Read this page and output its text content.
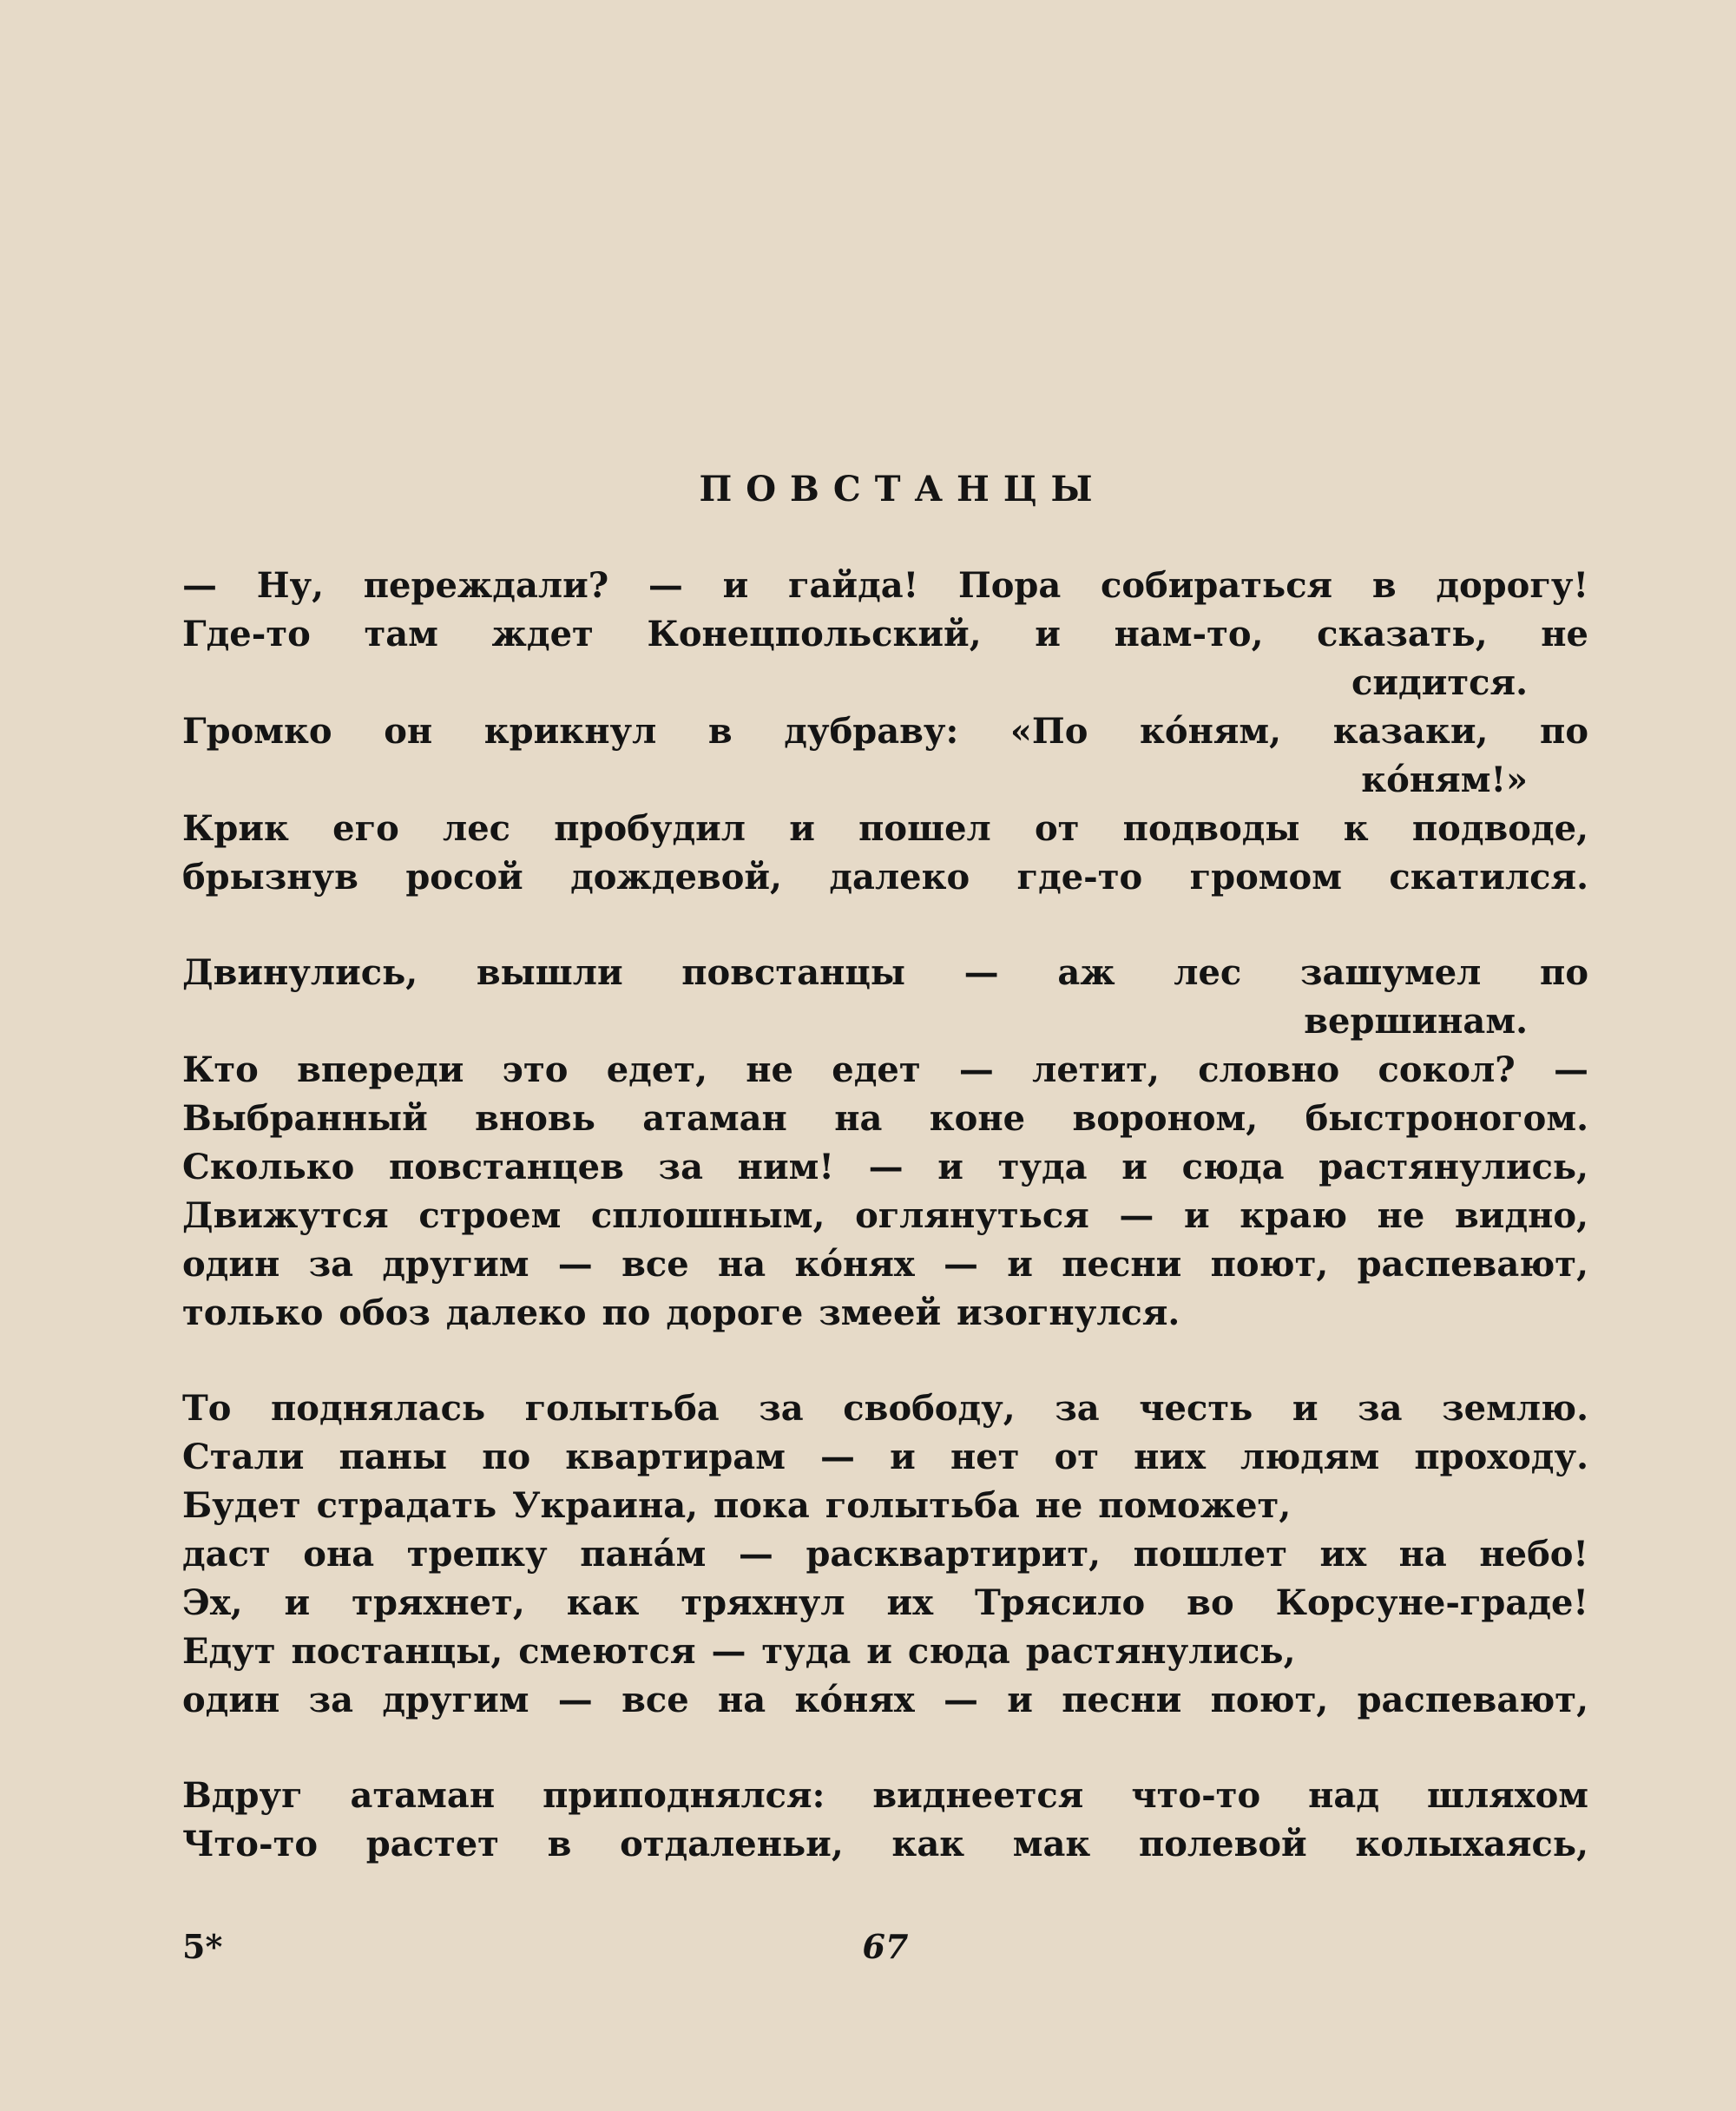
ПОВСТАНЦЫ
— Ну, переждали? — и гайда! Пора собираться в дорогу!
Где-то там ждет Конецпольский, и нам-то, сказать, не
сидится.
Громко он крикнул в дубраву: «По ко́ням, казаки, по
ко́ням!»
Крик его лес пробудил и пошел от подводы к подводе,
брызнув росой дождевой, далеко где-то громом скатился.
Двинулись, вышли повстанцы — аж лес зашумел по
вершинам.
Кто впереди это едет, не едет — летит, словно сокол? —
Выбранный вновь атаман на коне вороном, быстроногом.
Сколько повстанцев за ним! — и туда и сюда растянулись,
Движутся строем сплошным, оглянуться — и краю не видно,
один за другим — все на ко́нях — и песни поют, распевают,
только обоз далеко по дороге змеей изогнулся.
То поднялась голытьба за свободу, за честь и за землю.
Стали паны по квартирам — и нет от них людям проходу.
Будет страдать Украина, пока голытьба не поможет,
даст она трепку пана́м — расквартирит, пошлет их на небо!
Эх, и тряхнет, как тряхнул их Трясило во Корсуне-граде!
Едут постанцы, смеются — туда и сюда растянулись,
один за другим — все на ко́нях — и песни поют, распевают,
Вдруг атаман приподнялся: виднеется что-то над шляхом
Что-то растет в отдаленьи, как мак полевой колыхаясь,
5*	67
